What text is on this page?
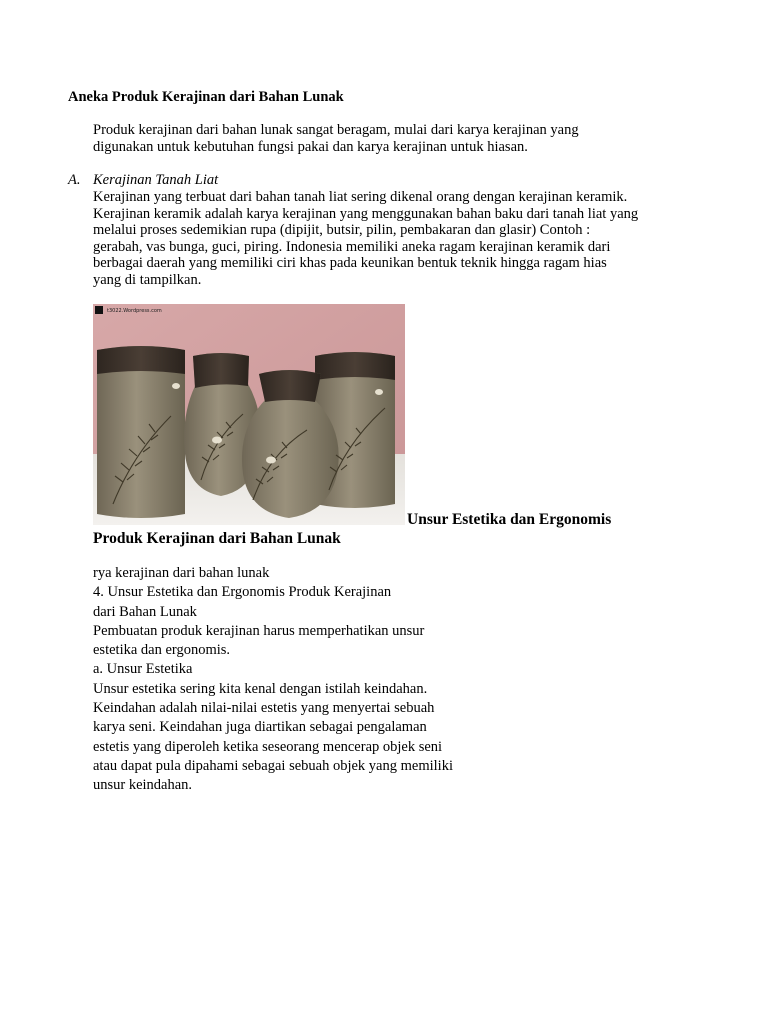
Aneka Produk Kerajinan dari Bahan Lunak
Produk kerajinan dari bahan lunak sangat beragam, mulai dari karya kerajinan yang
digunakan untuk kebutuhan fungsi pakai dan karya kerajinan untuk hiasan.
A. Kerajinan Tanah Liat
Kerajinan yang terbuat dari bahan tanah liat sering dikenal orang dengan kerajinan keramik.
Kerajinan keramik adalah karya kerajinan yang menggunakan bahan baku dari tanah liat yang
melalui proses sedemikian rupa (dipijit, butsir, pilin, pembakaran dan glasir) Contoh :
gerabah, vas bunga, guci, piring. Indonesia memiliki aneka ragam kerajinan keramik dari
berbagai daerah yang memiliki ciri khas pada keunikan bentuk teknik hingga ragam hias
yang di tampilkan.
t3022.Wordpress.com
Unsur Estetika dan Ergonomis
Produk Kerajinan dari Bahan Lunak
rya kerajinan dari bahan lunak
4. Unsur Estetika dan Ergonomis Produk Kerajinan
dari Bahan Lunak
Pembuatan produk kerajinan harus memperhatikan unsur
estetika dan ergonomis.
a. Unsur Estetika
Unsur estetika sering kita kenal dengan istilah keindahan.
Keindahan adalah nilai-nilai estetis yang menyertai sebuah
karya seni. Keindahan juga diartikan sebagai pengalaman
estetis yang diperoleh ketika seseorang mencerap objek seni
atau dapat pula dipahami sebagai sebuah objek yang memiliki
unsur keindahan.
